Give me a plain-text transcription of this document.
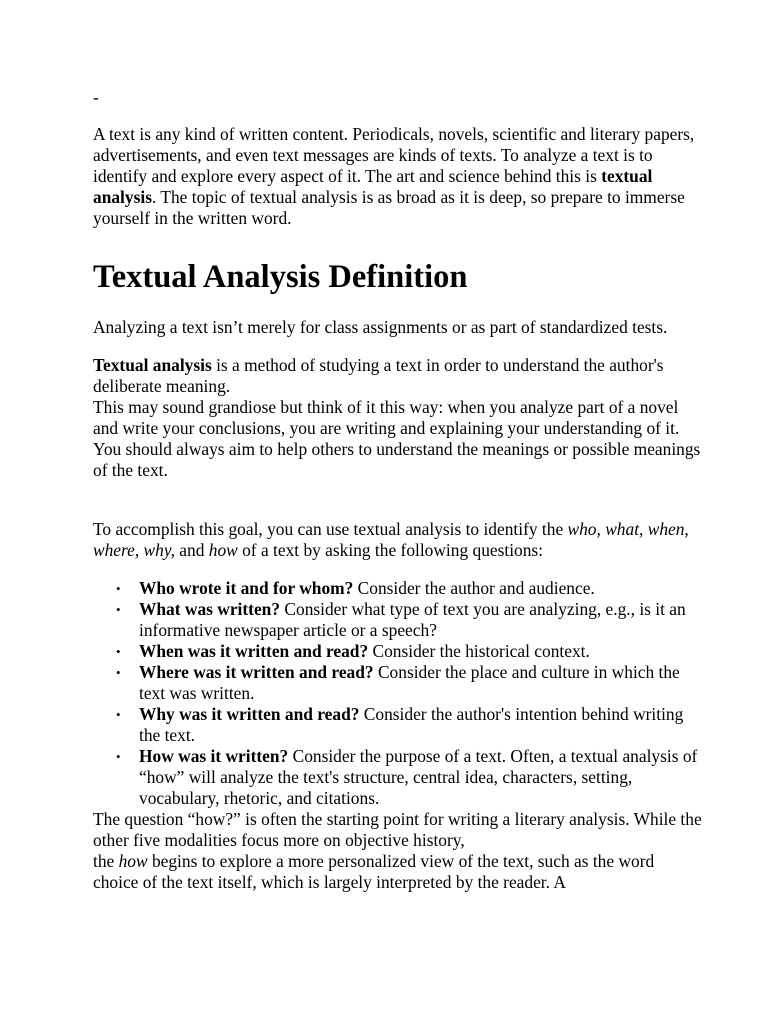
-

A text is any kind of written content. Periodicals, novels, scientific and literary papers, advertisements, and even text messages are kinds of texts. To analyze a text is to identify and explore every aspect of it. The art and science behind this is textual analysis. The topic of textual analysis is as broad as it is deep, so prepare to immerse yourself in the written word.

Textual Analysis Definition

Analyzing a text isn’t merely for class assignments or as part of standardized tests.

Textual analysis is a method of studying a text in order to understand the author's deliberate meaning.
This may sound grandiose but think of it this way: when you analyze part of a novel and write your conclusions, you are writing and explaining your understanding of it. You should always aim to help others to understand the meanings or possible meanings of the text.

To accomplish this goal, you can use textual analysis to identify the who, what, when, where, why, and how of a text by asking the following questions:

• Who wrote it and for whom? Consider the author and audience.
• What was written? Consider what type of text you are analyzing, e.g., is it an informative newspaper article or a speech?
• When was it written and read? Consider the historical context.
• Where was it written and read? Consider the place and culture in which the text was written.
• Why was it written and read? Consider the author's intention behind writing the text.
• How was it written? Consider the purpose of a text. Often, a textual analysis of “how” will analyze the text's structure, central idea, characters, setting, vocabulary, rhetoric, and citations.

The question “how?” is often the starting point for writing a literary analysis. While the other five modalities focus more on objective history,
the how begins to explore a more personalized view of the text, such as the word choice of the text itself, which is largely interpreted by the reader. A
